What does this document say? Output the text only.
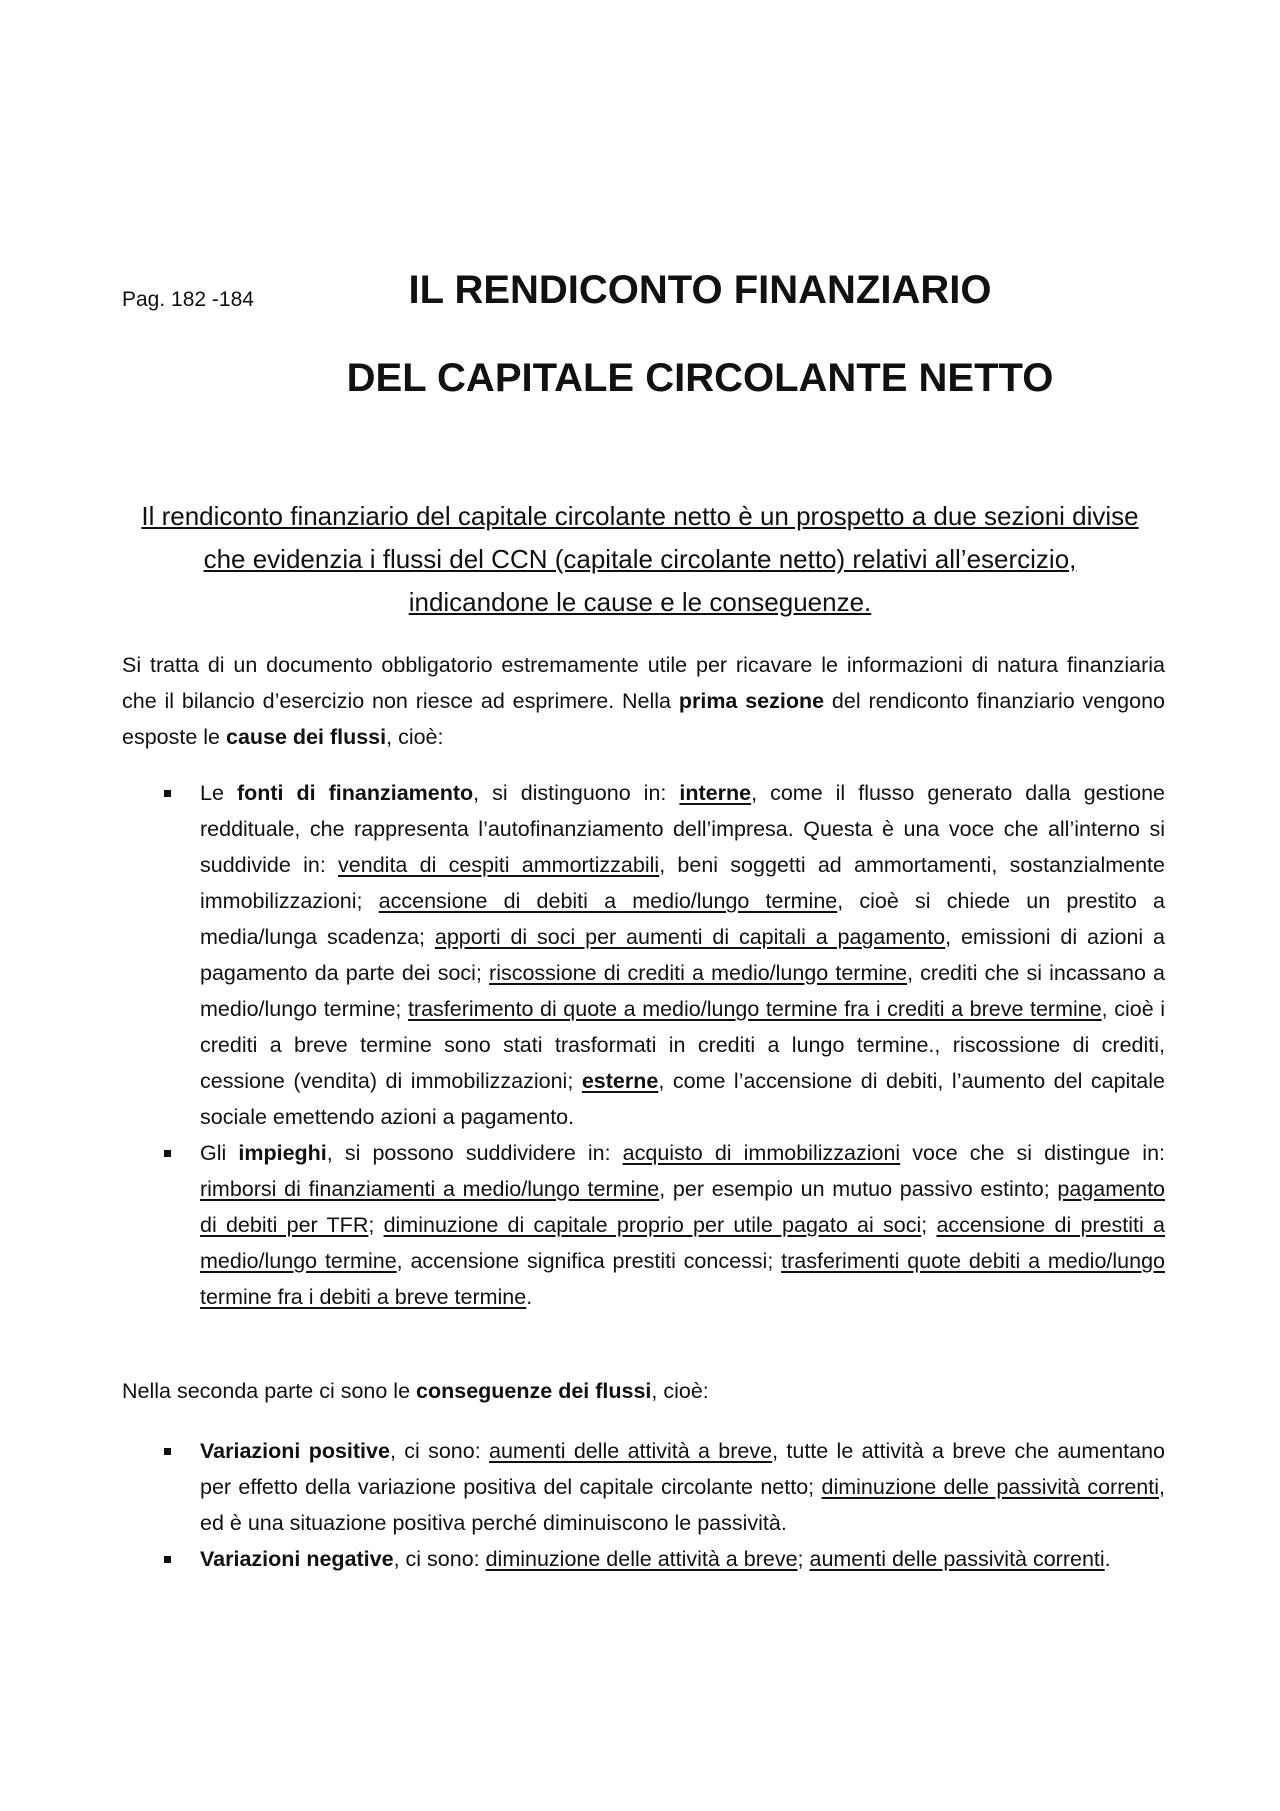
Pag. 182 -184	IL RENDICONTO FINANZIARIO
DEL CAPITALE CIRCOLANTE NETTO
Il rendiconto finanziario del capitale circolante netto è un prospetto a due sezioni divise che evidenzia i flussi del CCN (capitale circolante netto) relativi all’esercizio, indicandone le cause e le conseguenze.

Si tratta di un documento obbligatorio estremamente utile per ricavare le informazioni di natura finanziaria che il bilancio d’esercizio non riesce ad esprimere. Nella prima sezione del rendiconto finanziario vengono esposte le cause dei flussi, cioè:

Le fonti di finanziamento, si distinguono in: interne, come il flusso generato dalla gestione reddituale, che rappresenta l’autofinanziamento dell’impresa. Questa è una voce che all’interno si suddivide in: vendita di cespiti ammortizzabili, beni soggetti ad ammortamenti, sostanzialmente immobilizzazioni; accensione di debiti a medio/lungo termine, cioè si chiede un prestito a media/lunga scadenza; apporti di soci per aumenti di capitali a pagamento, emissioni di azioni a pagamento da parte dei soci; riscossione di crediti a medio/lungo termine, crediti che si incassano a medio/lungo termine; trasferimento di quote a medio/lungo termine fra i crediti a breve termine, cioè i crediti a breve termine sono stati trasformati in crediti a lungo termine., riscossione di crediti, cessione (vendita) di immobilizzazioni; esterne, come l’accensione di debiti, l’aumento del capitale sociale emettendo azioni a pagamento.
Gli impieghi, si possono suddividere in: acquisto di immobilizzazioni voce che si distingue in: rimborsi di finanziamenti a medio/lungo termine, per esempio un mutuo passivo estinto; pagamento di debiti per TFR; diminuzione di capitale proprio per utile pagato ai soci; accensione di prestiti a medio/lungo termine, accensione significa prestiti concessi; trasferimenti quote debiti a medio/lungo termine fra i debiti a breve termine.

Nella seconda parte ci sono le conseguenze dei flussi, cioè:

Variazioni positive, ci sono: aumenti delle attività a breve, tutte le attività a breve che aumentano per effetto della variazione positiva del capitale circolante netto; diminuzione delle passività correnti, ed è una situazione positiva perché diminuiscono le passività.
Variazioni negative, ci sono: diminuzione delle attività a breve; aumenti delle passività correnti.
